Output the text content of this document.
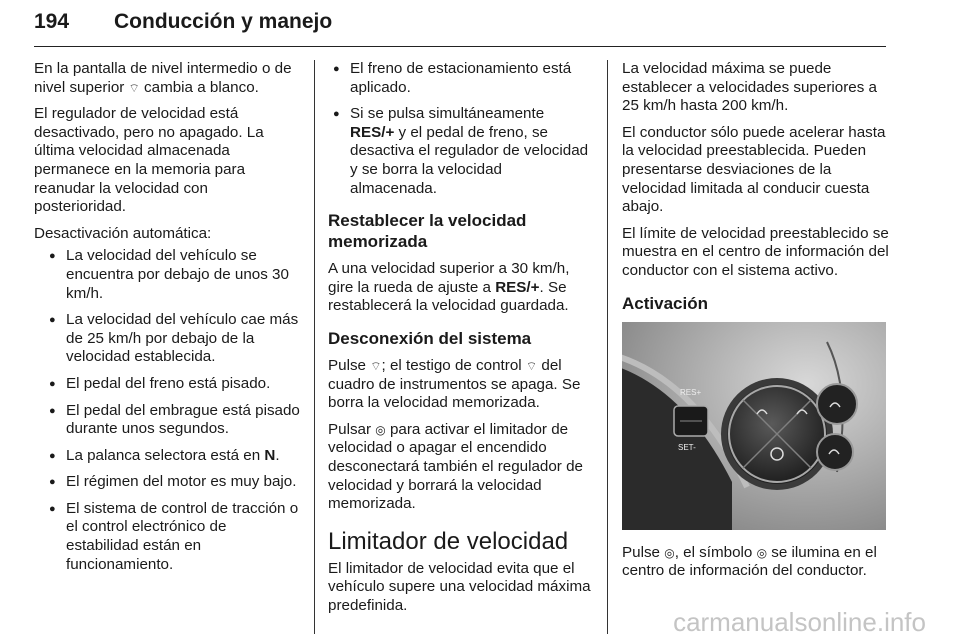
194 Conducción y manejo

En la pantalla de nivel intermedio o de nivel superior ⌔ cambia a blanco.

El regulador de velocidad está desactivado, pero no apagado. La última velocidad almacenada permanece en la memoria para reanudar la velocidad con posterioridad.

Desactivación automática:

● La velocidad del vehículo se encuentra por debajo de unos 30 km/h.
● La velocidad del vehículo cae más de 25 km/h por debajo de la velocidad establecida.
● El pedal del freno está pisado.
● El pedal del embrague está pisado durante unos segundos.
● La palanca selectora está en N.
● El régimen del motor es muy bajo.
● El sistema de control de tracción o el control electrónico de estabilidad están en funcionamiento.
● El freno de estacionamiento está aplicado.
● Si se pulsa simultáneamente RES/+ y el pedal de freno, se desactiva el regulador de velocidad y se borra la velocidad almacenada.
Restablecer la velocidad memorizada

A una velocidad superior a 30 km/h, gire la rueda de ajuste a RES/+. Se restablecerá la velocidad guardada.

Desconexión del sistema

Pulse ⌔; el testigo de control ⌔ del cuadro de instrumentos se apaga. Se borra la velocidad memorizada.

Pulsar ◎ para activar el limitador de velocidad o apagar el encendido desconectará también el regulador de velocidad y borrará la velocidad memorizada.

Limitador de velocidad

El limitador de velocidad evita que el vehículo supere una velocidad máxima predefinida.

La velocidad máxima se puede establecer a velocidades superiores a 25 km/h hasta 200 km/h.

El conductor sólo puede acelerar hasta la velocidad preestablecida. Pueden presentarse desviaciones de la velocidad limitada al conducir cuesta abajo.

El límite de velocidad preestablecido se muestra en el centro de información del conductor con el sistema activo.

Activación
RES+
SET-

Pulse ◎, el símbolo ◎ se ilumina en el centro de información del conductor.

carmanualsonline.info
